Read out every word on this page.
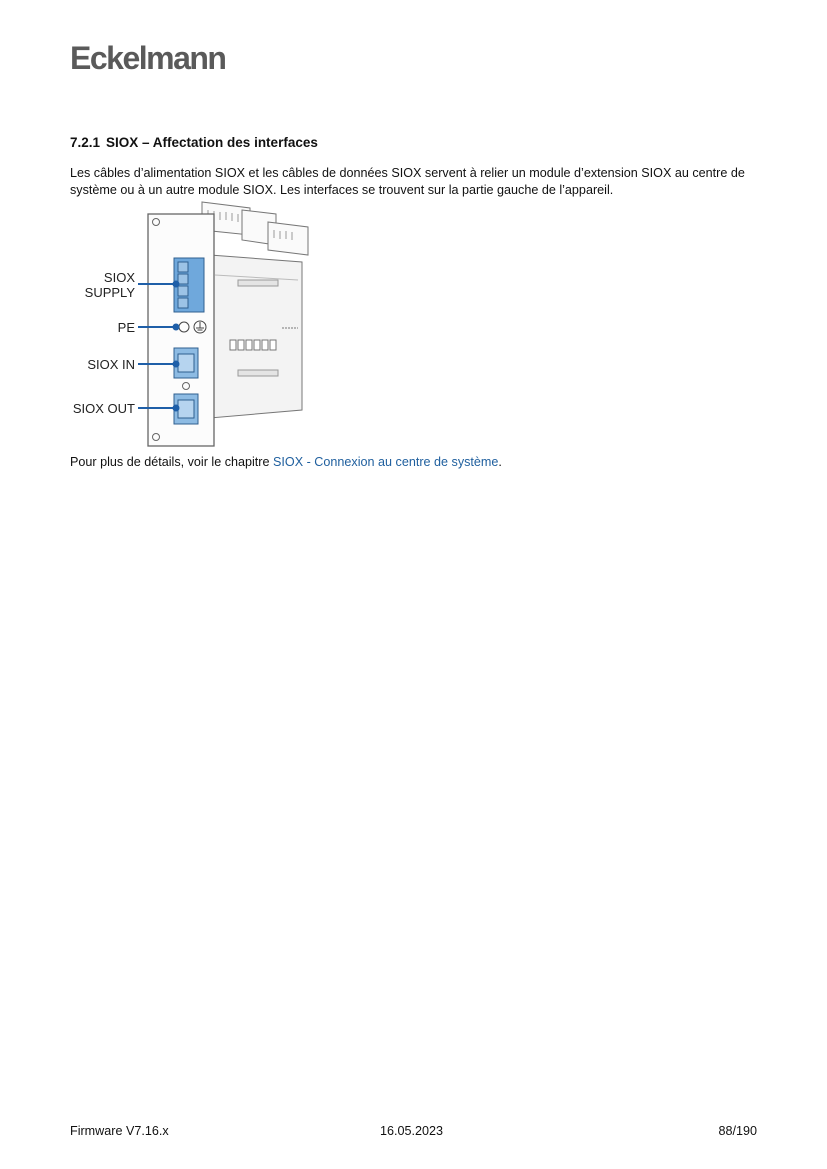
Eckelmann
7.2.1 SIOX – Affectation des interfaces
Les câbles d’alimentation SIOX et les câbles de données SIOX servent à relier un module d’extension SIOX au centre de système ou à un autre module SIOX. Les interfaces se trouvent sur la partie gauche de l’appareil.
SIOX
SUPPLY
PE
SIOX IN
SIOX OUT
Pour plus de détails, voir le chapitre SIOX - Connexion au centre de système.
Firmware V7.16.x	16.05.2023	88/190
